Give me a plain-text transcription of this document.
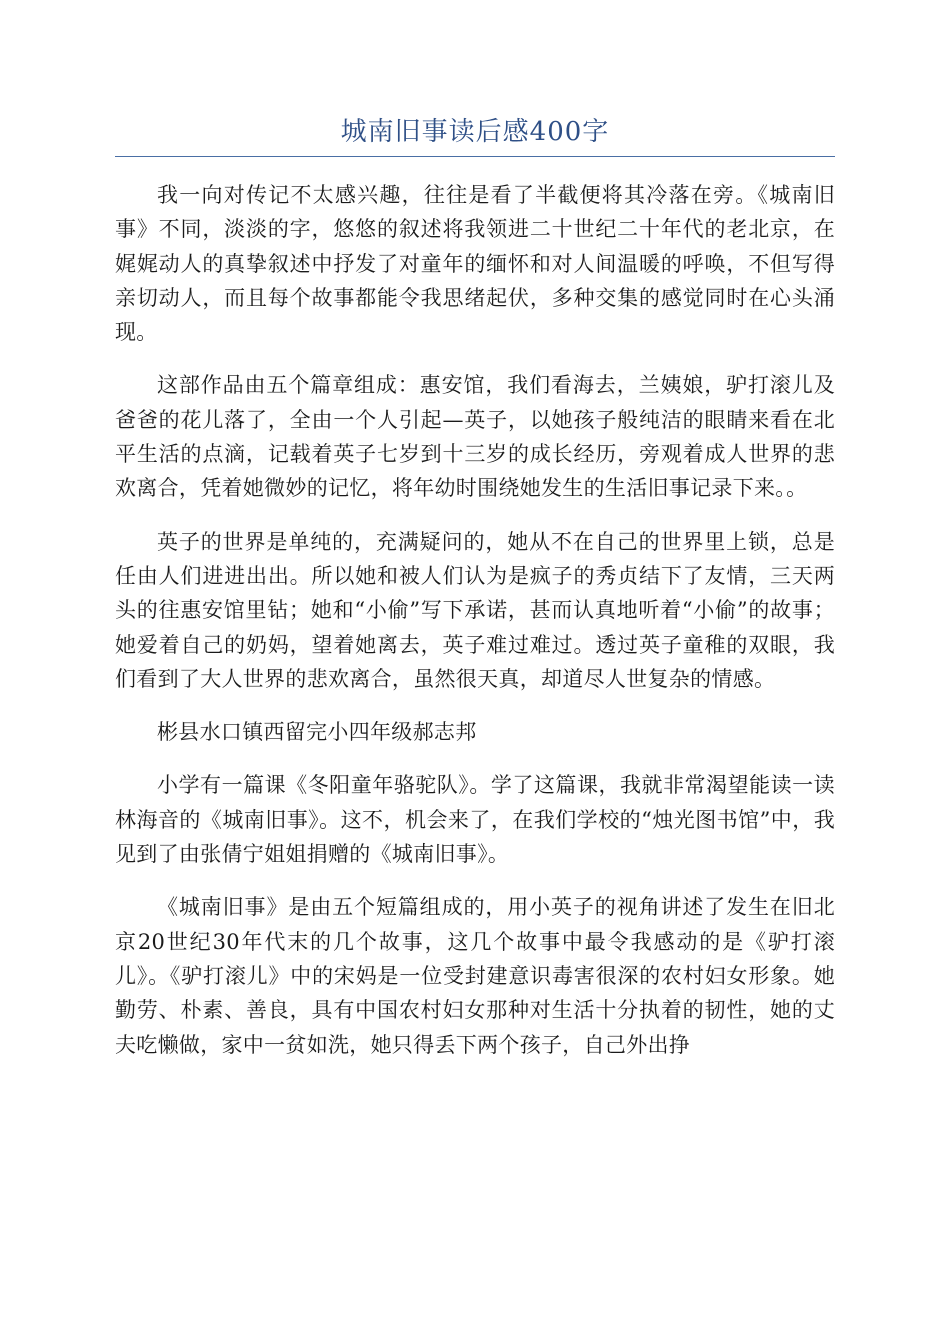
城南旧事读后感400字

我一向对传记不太感兴趣，往往是看了半截便将其冷落在旁。《城南旧事》不同，淡淡的字，悠悠的叙述将我领进二十世纪二十年代的老北京，在娓娓动人的真挚叙述中抒发了对童年的缅怀和对人间温暖的呼唤，不但写得亲切动人，而且每个故事都能令我思绪起伏，多种交集的感觉同时在心头涌现。

这部作品由五个篇章组成：惠安馆，我们看海去，兰姨娘，驴打滚儿及爸爸的花儿落了，全由一个人引起—英子，以她孩子般纯洁的眼睛来看在北平生活的点滴，记载着英子七岁到十三岁的成长经历，旁观着成人世界的悲欢离合，凭着她微妙的记忆，将年幼时围绕她发生的生活旧事记录下来。。

英子的世界是单纯的，充满疑问的，她从不在自己的世界里上锁，总是任由人们进进出出。所以她和被人们认为是疯子的秀贞结下了友情，三天两头的往惠安馆里钻；她和“小偷”写下承诺，甚而认真地听着“小偷”的故事；她爱着自己的奶妈，望着她离去，英子难过难过。透过英子童稚的双眼，我们看到了大人世界的悲欢离合，虽然很天真，却道尽人世复杂的情感。

彬县水口镇西留完小四年级郝志邦

小学有一篇课《冬阳童年骆驼队》。学了这篇课，我就非常渴望能读一读林海音的《城南旧事》。这不，机会来了，在我们学校的“烛光图书馆”中，我见到了由张倩宁姐姐捐赠的《城南旧事》。

《城南旧事》是由五个短篇组成的，用小英子的视角讲述了发生在旧北京20世纪30年代末的几个故事，这几个故事中最令我感动的是《驴打滚儿》。《驴打滚儿》中的宋妈是一位受封建意识毒害很深的农村妇女形象。她勤劳、朴素、善良，具有中国农村妇女那种对生活十分执着的韧性，她的丈夫吃懒做，家中一贫如洗，她只得丢下两个孩子，自己外出挣
